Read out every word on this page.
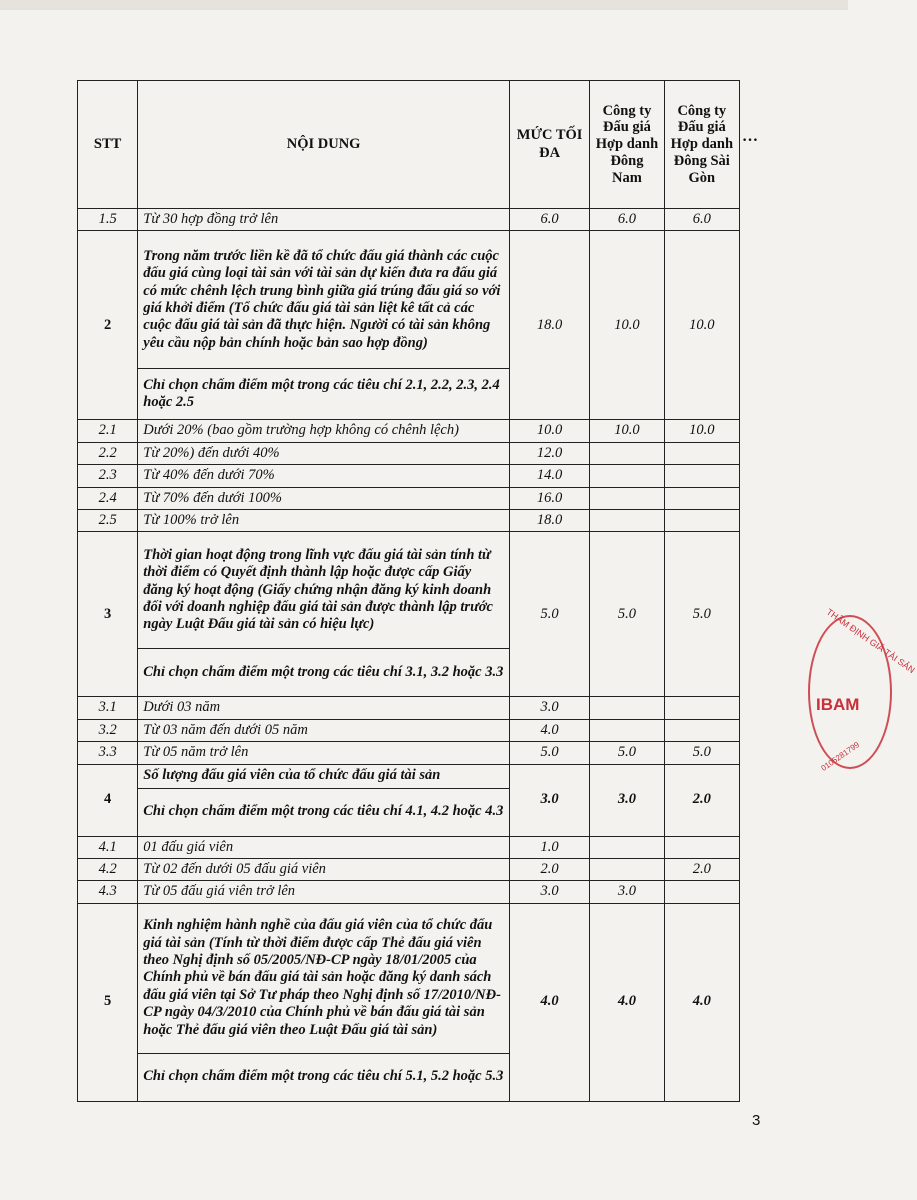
STT	NỘI DUNG	MỨC TỐI ĐA	Công ty Đấu giá Hợp danh Đông Nam	Công ty Đấu giá Hợp danh Đông Sài Gòn
1.5	Từ 30 hợp đồng trở lên	6.0	6.0	6.0
2	Trong năm trước liền kề đã tổ chức đấu giá thành các cuộc đấu giá cùng loại tài sản với tài sản dự kiến đưa ra đấu giá có mức chênh lệch trung bình giữa giá trúng đấu giá so với giá khởi điểm (Tổ chức đấu giá tài sản liệt kê tất cả các cuộc đấu giá tài sản đã thực hiện. Người có tài sản không yêu cầu nộp bản chính hoặc bản sao hợp đồng)	18.0	10.0	10.0
	Chỉ chọn chấm điểm một trong các tiêu chí 2.1, 2.2, 2.3, 2.4 hoặc 2.5			
2.1	Dưới 20% (bao gồm trường hợp không có chênh lệch)	10.0	10.0	10.0
2.2	Từ 20%) đến dưới 40%	12.0		
2.3	Từ 40% đến dưới 70%	14.0		
2.4	Từ 70% đến dưới 100%	16.0		
2.5	Từ 100% trở lên	18.0		
3	Thời gian hoạt động trong lĩnh vực đấu giá tài sản tính từ thời điểm có Quyết định thành lập hoặc được cấp Giấy đăng ký hoạt động (Giấy chứng nhận đăng ký kinh doanh đối với doanh nghiệp đấu giá tài sản được thành lập trước ngày Luật Đấu giá tài sản có hiệu lực)	5.0	5.0	5.0
	Chỉ chọn chấm điểm một trong các tiêu chí 3.1, 3.2 hoặc 3.3			
3.1	Dưới 03 năm	3.0		
3.2	Từ 03 năm đến dưới 05 năm	4.0		
3.3	Từ 05 năm trở lên	5.0	5.0	5.0
4	Số lượng đấu giá viên của tổ chức đấu giá tài sản	3.0	3.0	2.0
	Chỉ chọn chấm điểm một trong các tiêu chí 4.1, 4.2 hoặc 4.3			
4.1	01 đấu giá viên	1.0		
4.2	Từ 02 đến dưới 05 đấu giá viên	2.0		2.0
4.3	Từ 05 đấu giá viên trở lên	3.0	3.0	
5	Kinh nghiệm hành nghề của đấu giá viên của tổ chức đấu giá tài sản (Tính từ thời điểm được cấp Thẻ đấu giá viên theo Nghị định số 05/2005/NĐ-CP ngày 18/01/2005 của Chính phủ về bán đấu giá tài sản hoặc đăng ký danh sách đấu giá viên tại Sở Tư pháp theo Nghị định số 17/2010/NĐ-CP ngày 04/3/2010 của Chính phủ về bán đấu giá tài sản hoặc Thẻ đấu giá viên theo Luật Đấu giá tài sản)	4.0	4.0	4.0
	Chỉ chọn chấm điểm một trong các tiêu chí 5.1, 5.2 hoặc 5.3			
…
THẨM ĐỊNH GIÁ TÀI SẢN
IBAM
0105281799
3
